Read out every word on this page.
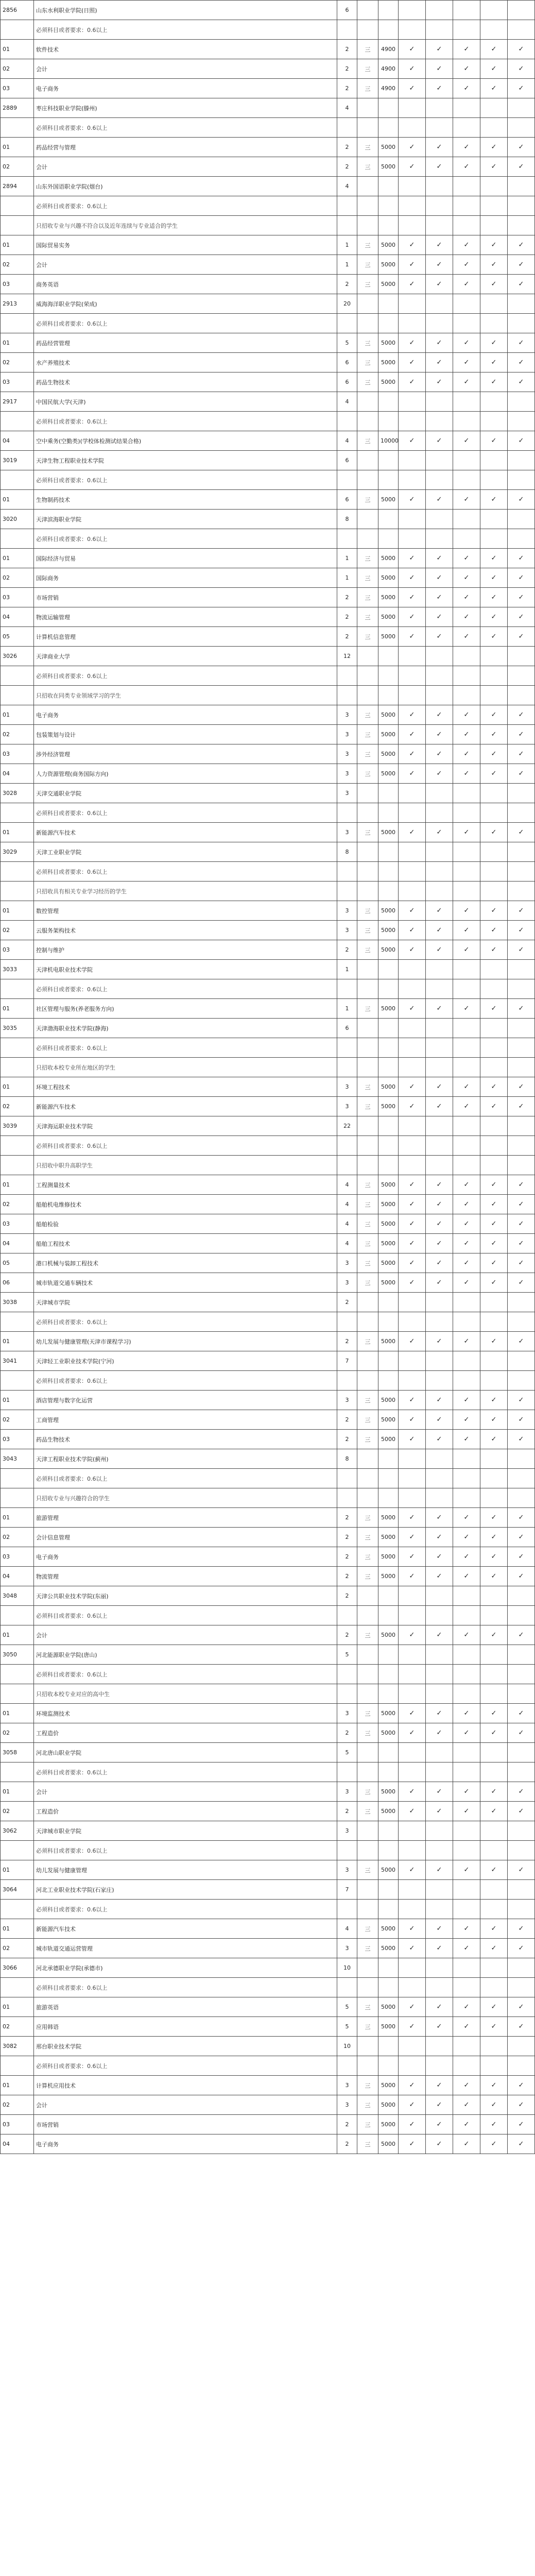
2856	山东水利职业学院(日照)	6							
	必须科目或者要求：0.6以上								
01	软件技术	2	三	4900	✓	✓	✓	✓	✓
02	会计	2	三	4900	✓	✓	✓	✓	✓
03	电子商务	2	三	4900	✓	✓	✓	✓	✓
2889	枣庄科技职业学院(滕州)	4							
	必须科目或者要求：0.6以上								
01	药品经营与管理	2	三	5000	✓	✓	✓	✓	✓
02	会计	2	三	5000	✓	✓	✓	✓	✓
2894	山东外国语职业学院(烟台)	4							
	必须科目或者要求：0.6以上								
	只招收专业与兴趣不符合以及近年连续与专业适合的学生								
01	国际贸易实务	1	三	5000	✓	✓	✓	✓	✓
02	会计	1	三	5000	✓	✓	✓	✓	✓
03	商务英语	2	三	5000	✓	✓	✓	✓	✓
2913	威海海洋职业学院(荣成)	20							
	必须科目或者要求：0.6以上								
01	药品经营管理	5	三	5000	✓	✓	✓	✓	✓
02	水产养殖技术	6	三	5000	✓	✓	✓	✓	✓
03	药品生物技术	6	三	5000	✓	✓	✓	✓	✓
2917	中国民航大学(天津)	4							
	必须科目或者要求：0.6以上								
04	空中乘务(空勤类)(学校体检测试结果合格)	4	三	10000	✓	✓	✓	✓	✓
3019	天津生物工程职业技术学院	6							
	必须科目或者要求：0.6以上								
01	生物制药技术	6	三	5000	✓	✓	✓	✓	✓
3020	天津滨海职业学院	8							
	必须科目或者要求：0.6以上								
01	国际经济与贸易	1	三	5000	✓	✓	✓	✓	✓
02	国际商务	1	三	5000	✓	✓	✓	✓	✓
03	市场营销	2	三	5000	✓	✓	✓	✓	✓
04	物流运输管理	2	三	5000	✓	✓	✓	✓	✓
05	计算机信息管理	2	三	5000	✓	✓	✓	✓	✓
3026	天津商业大学	12							
	必须科目或者要求：0.6以上								
	只招收在同类专业领域学习的学生								
01	电子商务	3	三	5000	✓	✓	✓	✓	✓
02	包装策划与设计	3	三	5000	✓	✓	✓	✓	✓
03	涉外经济管理	3	三	5000	✓	✓	✓	✓	✓
04	人力资源管理(商务国际方向)	3	三	5000	✓	✓	✓	✓	✓
3028	天津交通职业学院	3							
	必须科目或者要求：0.6以上								
01	新能源汽车技术	3	三	5000	✓	✓	✓	✓	✓
3029	天津工业职业学院	8							
	必须科目或者要求：0.6以上								
	只招收具有相关专业学习经历的学生								
01	数控管理	3	三	5000	✓	✓	✓	✓	✓
02	云服务架构技术	3	三	5000	✓	✓	✓	✓	✓
03	控制与维护	2	三	5000	✓	✓	✓	✓	✓
3033	天津机电职业技术学院	1							
	必须科目或者要求：0.6以上								
01	社区管理与服务(养老服务方向)	1	三	5000	✓	✓	✓	✓	✓
3035	天津渤海职业技术学院(静海)	6							
	必须科目或者要求：0.6以上								
	只招收本校专业所在地区的学生								
01	环境工程技术	3	三	5000	✓	✓	✓	✓	✓
02	新能源汽车技术	3	三	5000	✓	✓	✓	✓	✓
3039	天津海运职业技术学院	22							
	必须科目或者要求：0.6以上								
	只招收中职升高职学生								
01	工程测量技术	4	三	5000	✓	✓	✓	✓	✓
02	船舶机电维修技术	4	三	5000	✓	✓	✓	✓	✓
03	船舶检验	4	三	5000	✓	✓	✓	✓	✓
04	船舶工程技术	4	三	5000	✓	✓	✓	✓	✓
05	港口机械与装卸工程技术	3	三	5000	✓	✓	✓	✓	✓
06	城市轨道交通车辆技术	3	三	5000	✓	✓	✓	✓	✓
3038	天津城市学院	2							
	必须科目或者要求：0.6以上								
01	幼儿发展与健康管理(天津市课程学习)	2	三	5000	✓	✓	✓	✓	✓
3041	天津轻工业职业技术学院(宁河)	7							
	必须科目或者要求：0.6以上								
01	酒店管理与数字化运营	3	三	5000	✓	✓	✓	✓	✓
02	工商管理	2	三	5000	✓	✓	✓	✓	✓
03	药品生物技术	2	三	5000	✓	✓	✓	✓	✓
3043	天津工程职业技术学院(蓟州)	8							
	必须科目或者要求：0.6以上								
	只招收专业与兴趣符合的学生								
01	旅游管理	2	三	5000	✓	✓	✓	✓	✓
02	会计信息管理	2	三	5000	✓	✓	✓	✓	✓
03	电子商务	2	三	5000	✓	✓	✓	✓	✓
04	物流管理	2	三	5000	✓	✓	✓	✓	✓
3048	天津公共职业技术学院(东丽)	2							
	必须科目或者要求：0.6以上								
01	会计	2	三	5000	✓	✓	✓	✓	✓
3050	河北能源职业学院(唐山)	5							
	必须科目或者要求：0.6以上								
	只招收本校专业对应的高中生								
01	环境监测技术	3	三	5000	✓	✓	✓	✓	✓
02	工程造价	2	三	5000	✓	✓	✓	✓	✓
3058	河北唐山职业学院	5							
	必须科目或者要求：0.6以上								
01	会计	3	三	5000	✓	✓	✓	✓	✓
02	工程造价	2	三	5000	✓	✓	✓	✓	✓
3062	天津城市职业学院	3							
	必须科目或者要求：0.6以上								
01	幼儿发展与健康管理	3	三	5000	✓	✓	✓	✓	✓
3064	河北工业职业技术学院(石家庄)	7							
	必须科目或者要求：0.6以上								
01	新能源汽车技术	4	三	5000	✓	✓	✓	✓	✓
02	城市轨道交通运营管理	3	三	5000	✓	✓	✓	✓	✓
3066	河北承德职业学院(承德市)	10							
	必须科目或者要求：0.6以上								
01	旅游英语	5	三	5000	✓	✓	✓	✓	✓
02	应用韩语	5	三	5000	✓	✓	✓	✓	✓
3082	邢台职业技术学院	10							
	必须科目或者要求：0.6以上								
01	计算机应用技术	3	三	5000	✓	✓	✓	✓	✓
02	会计	3	三	5000	✓	✓	✓	✓	✓
03	市场营销	2	三	5000	✓	✓	✓	✓	✓
04	电子商务	2	三	5000	✓	✓	✓	✓	✓
